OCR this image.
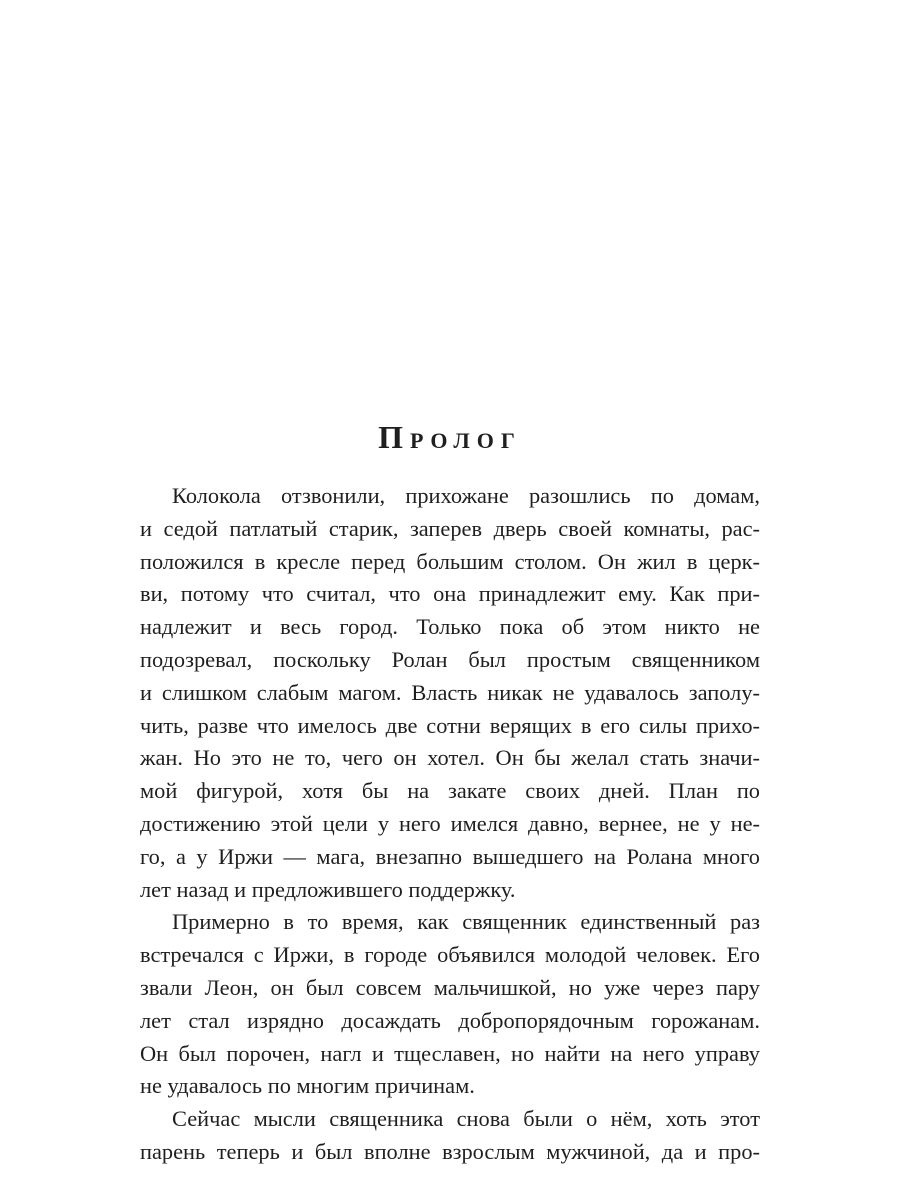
Пролог
Колокола отзвонили, прихожане разошлись по домам,
и седой патлатый старик, заперев дверь своей комнаты, рас-
положился в кресле перед большим столом. Он жил в церк-
ви, потому что считал, что она принадлежит ему. Как при-
надлежит и весь город. Только пока об этом никто не
подозревал, поскольку Ролан был простым священником
и слишком слабым магом. Власть никак не удавалось заполу-
чить, разве что имелось две сотни верящих в его силы прихо-
жан. Но это не то, чего он хотел. Он бы желал стать значи-
мой фигурой, хотя бы на закате своих дней. План по
достижению этой цели у него имелся давно, вернее, не у не-
го, а у Иржи — мага, внезапно вышедшего на Ролана много
лет назад и предложившего поддержку.
Примерно в то время, как священник единственный раз
встречался с Иржи, в городе объявился молодой человек. Его
звали Леон, он был совсем мальчишкой, но уже через пару
лет стал изрядно досаждать добропорядочным горожанам.
Он был порочен, нагл и тщеславен, но найти на него управу
не удавалось по многим причинам.
Сейчас мысли священника снова были о нём, хоть этот
парень теперь и был вполне взрослым мужчиной, да и про-
